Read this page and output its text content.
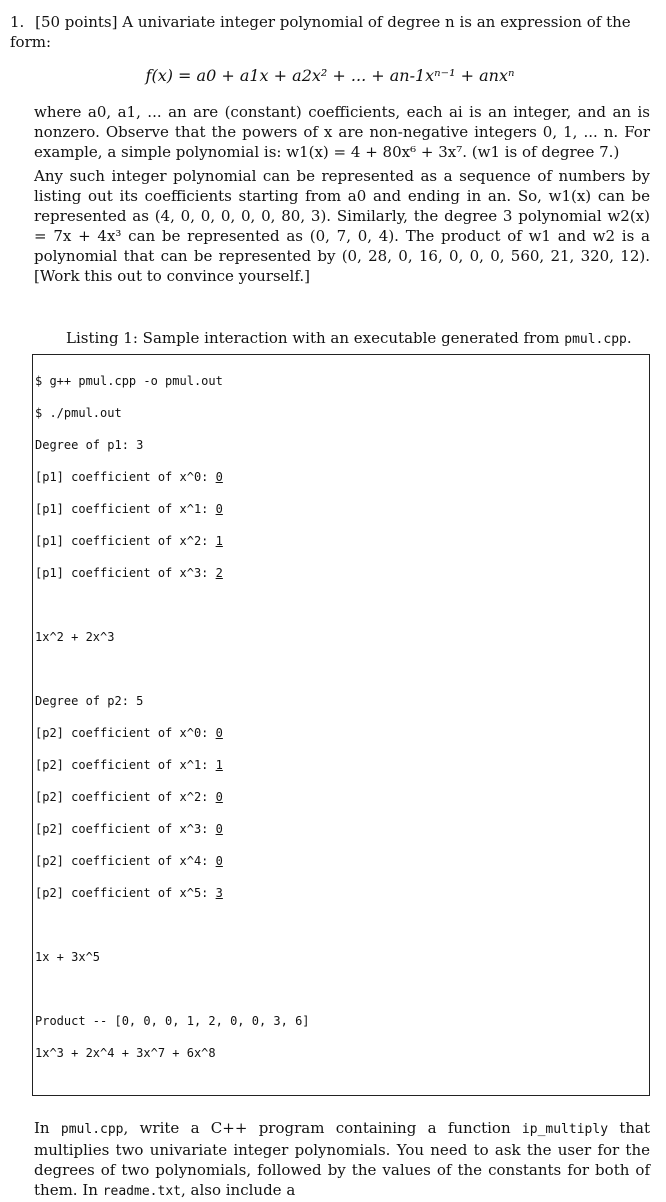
1. [50 points] A univariate integer polynomial of degree n is an expression of the form:
f(x) = a0 + a1x + a2x² + ... + an-1xⁿ⁻¹ + anxⁿ
where a0, a1, ... an are (constant) coefficients, each ai is an integer, and an is nonzero. Observe that the powers of x are non-negative integers 0, 1, ... n. For example, a simple polynomial is: w1(x) = 4 + 80x⁶ + 3x⁷. (w1 is of degree 7.)
Any such integer polynomial can be represented as a sequence of numbers by listing out its coefficients starting from a0 and ending in an. So, w1(x) can be represented as (4, 0, 0, 0, 0, 0, 80, 3). Similarly, the degree 3 polynomial w2(x) = 7x + 4x³ can be represented as (0, 7, 0, 4). The product of w1 and w2 is a polynomial that can be represented by (0, 28, 0, 16, 0, 0, 0, 560, 21, 320, 12). [Work this out to convince yourself.]
Listing 1: Sample interaction with an executable generated from pmul.cpp.

$ g++ pmul.cpp -o pmul.out

$ ./pmul.out

Degree of p1: 3

[p1] coefficient of x^0: 0

[p1] coefficient of x^1: 0

[p1] coefficient of x^2: 1

[p1] coefficient of x^3: 2

1x^2 + 2x^3

Degree of p2: 5

[p2] coefficient of x^0: 0

[p2] coefficient of x^1: 1

[p2] coefficient of x^2: 0

[p2] coefficient of x^3: 0

[p2] coefficient of x^4: 0

[p2] coefficient of x^5: 3

1x + 3x^5

Product -- [0, 0, 0, 1, 2, 0, 0, 3, 6]

1x^3 + 2x^4 + 3x^7 + 6x^8

In pmul.cpp, write a C++ program containing a function ip_multiply that multiplies two univariate integer polynomials. You need to ask the user for the degrees of two polynomials, followed by the values of the constants for both of them. In readme.txt, also include a
